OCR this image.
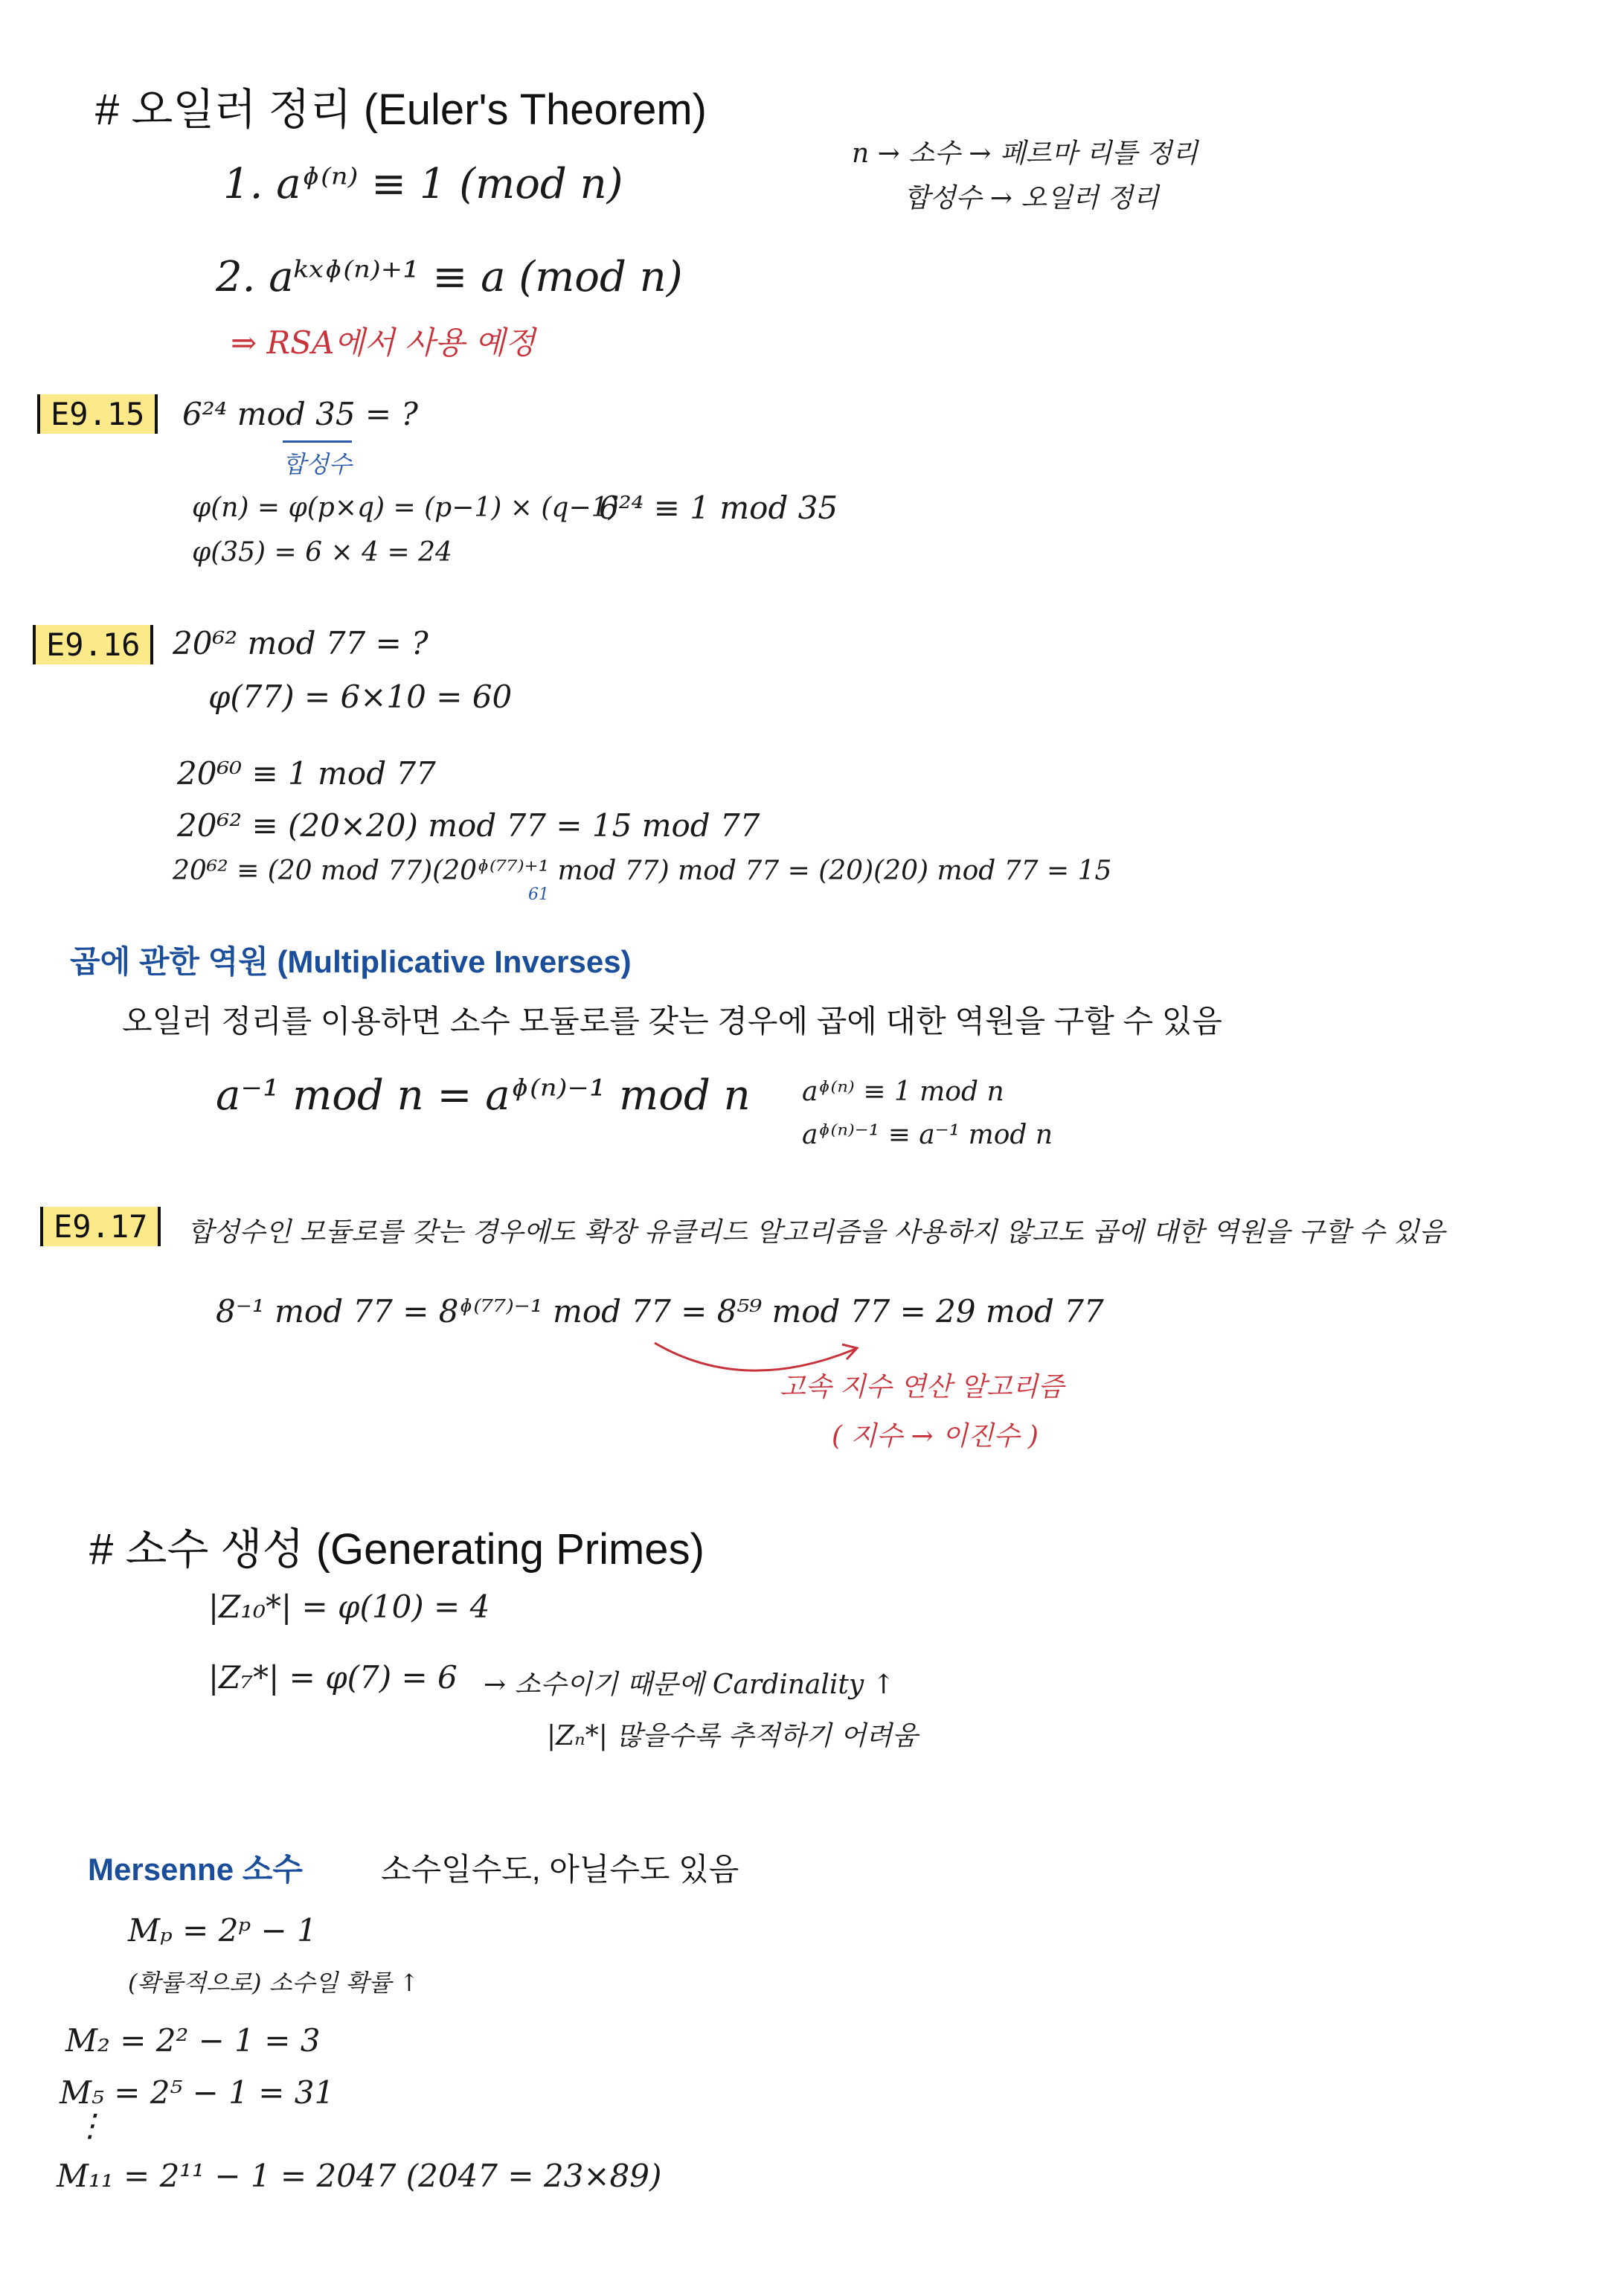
# 오일러 정리 (Euler's Theorem)
1. aᶲ⁽ⁿ⁾ ≡ 1 (mod n)
2. aᵏˣᶲ⁽ⁿ⁾⁺¹ ≡ a (mod n)
⇒ RSA에서 사용 예정
n → 소수 → 페르마 리틀 정리
합성수 → 오일러 정리
E9.15	6²⁴ mod 35 = ?
합성수
φ(n) = φ(p×q) = (p−1) × (q−1)
φ(35) = 6 × 4 = 24
6²⁴ ≡ 1 mod 35
E9.16	20⁶² mod 77 = ?
φ(77) = 6×10 = 60
20⁶⁰ ≡ 1 mod 77
20⁶² ≡ (20×20) mod 77 = 15 mod 77
20⁶² ≡ (20 mod 77)(20ᶲ⁽⁷⁷⁾⁺¹ mod 77) mod 77 = (20)(20) mod 77 = 15
61
곱에 관한 역원 (Multiplicative Inverses)
오일러 정리를 이용하면 소수 모듈로를 갖는 경우에 곱에 대한 역원을 구할 수 있음
a⁻¹ mod n = aᶲ⁽ⁿ⁾⁻¹ mod n aᶲ⁽ⁿ⁾ ≡ 1 mod n
aᶲ⁽ⁿ⁾⁻¹ ≡ a⁻¹ mod n
E9.17	합성수인 모듈로를 갖는 경우에도 확장 유클리드 알고리즘을 사용하지 않고도 곱에 대한 역원을 구할 수 있음
8⁻¹ mod 77 = 8ᶲ⁽⁷⁷⁾⁻¹ mod 77 = 8⁵⁹ mod 77 = 29 mod 77
고속 지수 연산 알고리즘
( 지수 → 이진수 )
# 소수 생성 (Generating Primes)
|Z₁₀*| = φ(10) = 4
|Z₇*| = φ(7) = 6 → 소수이기 때문에 Cardinality ↑
|Zₙ*| 많을수록 추적하기 어려움
Mersenne 소수	소수일수도, 아닐수도 있음
Mₚ = 2ᵖ − 1
(확률적으로) 소수일 확률 ↑
M₂ = 2² − 1 = 3
M₅ = 2⁵ − 1 = 31
⋮
M₁₁ = 2¹¹ − 1 = 2047 (2047 = 23×89)
